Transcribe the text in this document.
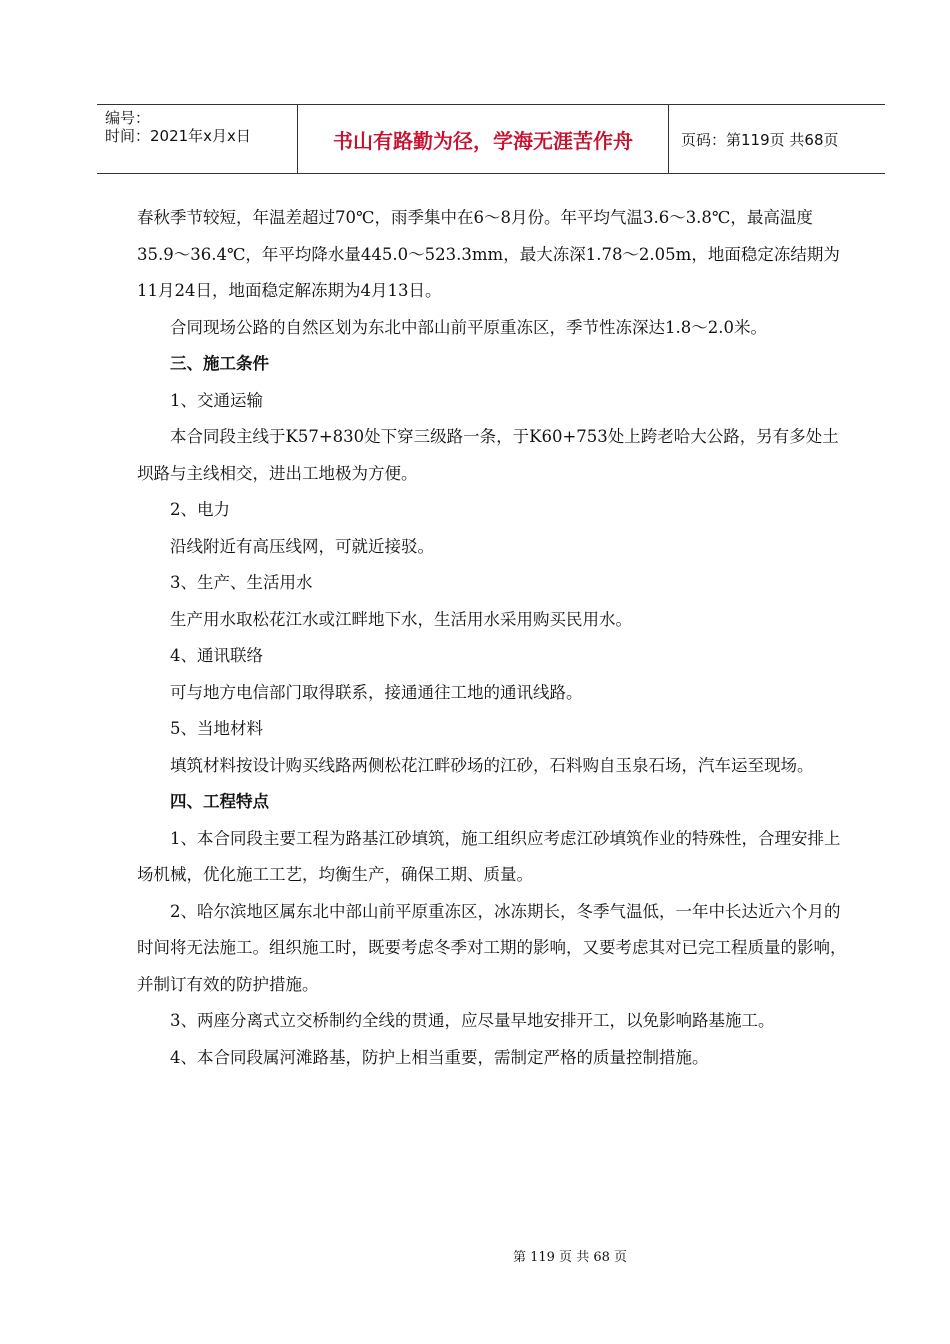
编号：
时间：2021年x月x日	书山有路勤为径，学海无涯苦作舟	页码：第119页 共68页

春秋季节较短，年温差超过70℃，雨季集中在6～8月份。年平均气温3.6～3.8℃，最高温度35.9～36.4℃，年平均降水量445.0～523.3mm，最大冻深1.78～2.05m，地面稳定冻结期为11月24日，地面稳定解冻期为4月13日。

合同现场公路的自然区划为东北中部山前平原重冻区，季节性冻深达1.8～2.0米。

三、施工条件

1、交通运输

本合同段主线于K57+830处下穿三级路一条，于K60+753处上跨老哈大公路，另有多处土坝路与主线相交，进出工地极为方便。

2、电力

沿线附近有高压线网，可就近接驳。

3、生产、生活用水

生产用水取松花江水或江畔地下水，生活用水采用购买民用水。

4、通讯联络

可与地方电信部门取得联系，接通通往工地的通讯线路。

5、当地材料

填筑材料按设计购买线路两侧松花江畔砂场的江砂，石料购自玉泉石场，汽车运至现场。

四、工程特点

1、本合同段主要工程为路基江砂填筑，施工组织应考虑江砂填筑作业的特殊性，合理安排上场机械，优化施工工艺，均衡生产，确保工期、质量。

2、哈尔滨地区属东北中部山前平原重冻区，冰冻期长，冬季气温低，一年中长达近六个月的时间将无法施工。组织施工时，既要考虑冬季对工期的影响，又要考虑其对已完工程质量的影响，并制订有效的防护措施。

3、两座分离式立交桥制约全线的贯通，应尽量早地安排开工，以免影响路基施工。

4、本合同段属河滩路基，防护上相当重要，需制定严格的质量控制措施。

第 119 页 共 68 页
